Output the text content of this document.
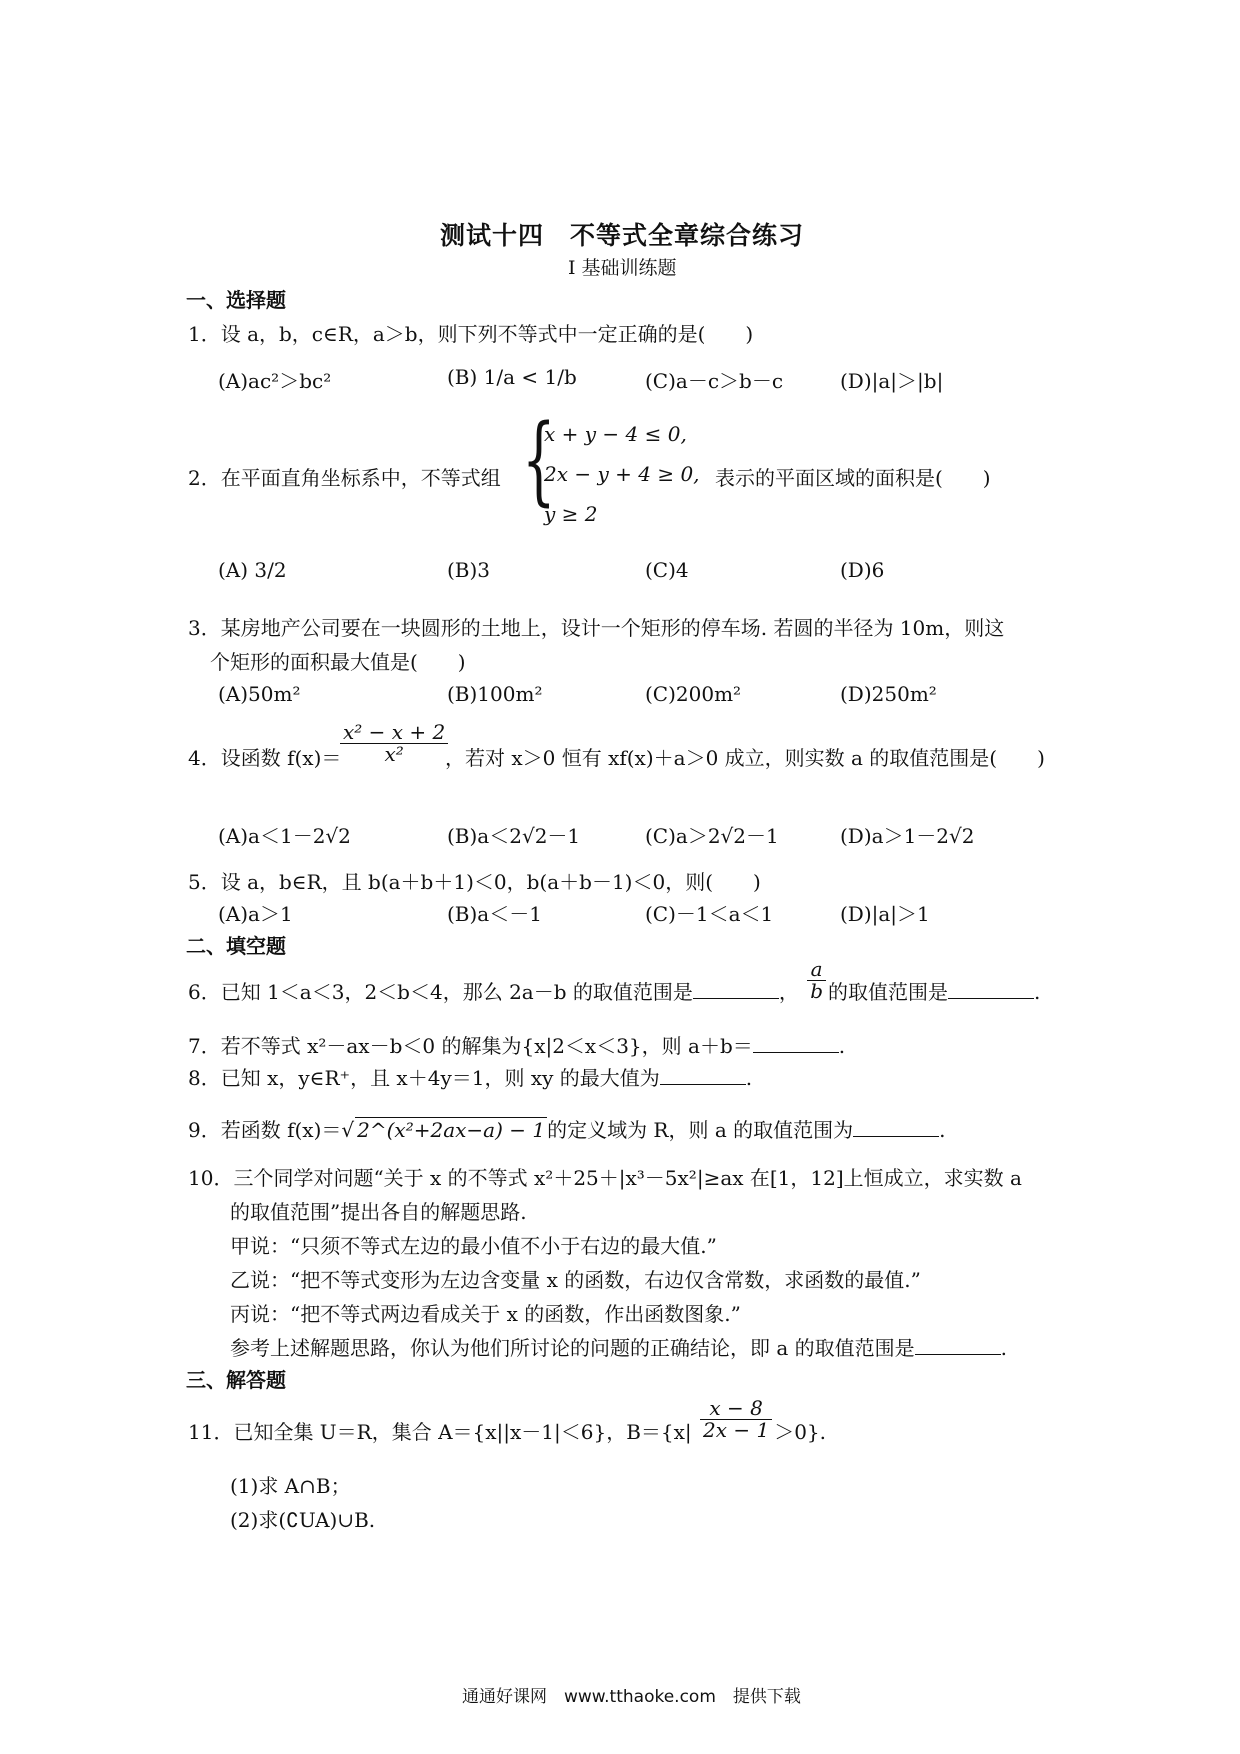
测试十四　不等式全章综合练习
Ⅰ 基础训练题
一、选择题
1．设 a，b，c∈R，a＞b，则下列不等式中一定正确的是(　　)
(A)ac²＞bc²	(B) 1/a < 1/b	(C)a－c＞b－c	(D)|a|＞|b|
2．在平面直角坐标系中，不等式组 {
x + y − 4 ≤ 0,
2x − y + 4 ≥ 0, 表示的平面区域的面积是(　　)
y ≥ 2
(A) 3/2	(B)3	(C)4	(D)6
3．某房地产公司要在一块圆形的土地上，设计一个矩形的停车场. 若圆的半径为 10m，则这
个矩形的面积最大值是(　　)
(A)50m²	(B)100m²	(C)200m²	(D)250m²
4．设函数 f(x)＝
$\frac{\text{x² − x + 2}}{\text{x²}}$
，若对 x＞0 恒有 xf(x)＋a＞0 成立，则实数 a 的取值范围是(　　)
(A)a＜1－2√2	(B)a＜2√2－1	(C)a＞2√2－1	(D)a＞1－2√2
5．设 a，b∈R，且 b(a＋b＋1)＜0，b(a＋b－1)＜0，则(　　)
(A)a＞1	(B)a＜－1	(C)－1＜a＜1	(D)|a|＞1
二、填空题
6．已知 1＜a＜3，2＜b＜4，那么 2a－b 的取值范围是	， $\frac{a}{b}$ 的取值范围是	.
7．若不等式 x²－ax－b＜0 的解集为{x|2＜x＜3}，则 a＋b＝	.
8．已知 x，y∈R⁺，且 x＋4y＝1，则 xy 的最大值为	.
9．若函数 f(x)＝√ 2^(x²+2ax−a) − 1 的定义域为 R，则 a 的取值范围为	.
10．三个同学对问题“关于 x 的不等式 x²＋25＋|x³－5x²|≥ax 在[1，12]上恒成立，求实数 a
的取值范围”提出各自的解题思路.
甲说：“只须不等式左边的最小值不小于右边的最大值.”
乙说：“把不等式变形为左边含变量 x 的函数，右边仅含常数，求函数的最值.”
丙说：“把不等式两边看成关于 x 的函数，作出函数图象.”
参考上述解题思路，你认为他们所讨论的问题的正确结论，即 a 的取值范围是	.
三、解答题
11．已知全集 U＝R，集合 A＝{x||x－1|＜6}，$B=\{x| \frac{x - 8}{2x - 1} >0\}$.
(1)求 A∩B；
(2)求(∁UA)∪B.
通通好课网　www.tthaoke.com　提供下载
